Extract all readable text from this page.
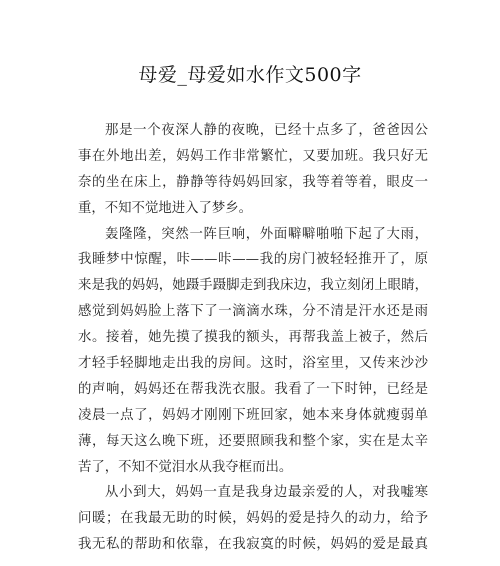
母爱_母爱如水作文500字
那是一个夜深人静的夜晚，已经十点多了，爸爸因公
事在外地出差，妈妈工作非常繁忙，又要加班。我只好无
奈的坐在床上，静静等待妈妈回家，我等着等着，眼皮一
重，不知不觉地进入了梦乡。
轰隆隆，突然一阵巨响，外面噼噼啪啪下起了大雨，
我睡梦中惊醒，咔——咔——我的房门被轻轻推开了，原
来是我的妈妈，她蹑手蹑脚走到我床边，我立刻闭上眼睛，
感觉到妈妈脸上落下了一滴滴水珠，分不清是汗水还是雨
水。接着，她先摸了摸我的额头，再帮我盖上被子，然后
才轻手轻脚地走出我的房间。这时，浴室里，又传来沙沙
的声响，妈妈还在帮我洗衣服。我看了一下时钟，已经是
凌晨一点了，妈妈才刚刚下班回家，她本来身体就瘦弱单
薄，每天这么晚下班，还要照顾我和整个家，实在是太辛
苦了，不知不觉泪水从我夺框而出。
从小到大，妈妈一直是我身边最亲爱的人，对我嘘寒
问暖；在我最无助的时候，妈妈的爱是持久的动力，给予
我无私的帮助和依靠，在我寂寞的时候，妈妈的爱是最真
